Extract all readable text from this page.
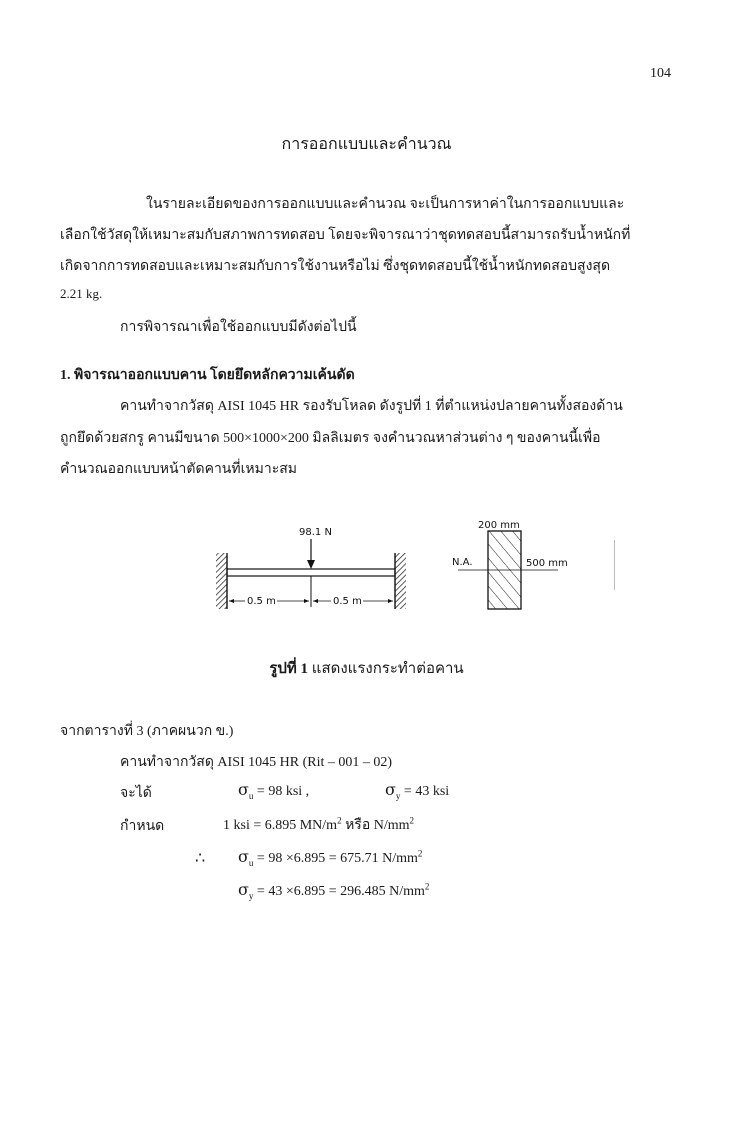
104
การออกแบบและคำนวณ
ในรายละเอียดของการออกแบบและคำนวณ จะเป็นการหาค่าในการออกแบบและ
เลือกใช้วัสดุให้เหมาะสมกับสภาพการทดสอบ โดยจะพิจารณาว่าชุดทดสอบนี้สามารถรับน้ำหนักที่
เกิดจากการทดสอบและเหมาะสมกับการใช้งานหรือไม่ ซึ่งชุดทดสอบนี้ใช้น้ำหนักทดสอบสูงสุด
2.21 kg.
การพิจารณาเพื่อใช้ออกแบบมีดังต่อไปนี้
1. พิจารณาออกแบบคาน โดยยึดหลักความเค้นดัด
คานทำจากวัสดุ AISI 1045 HR รองรับโหลด ดังรูปที่ 1 ที่ตำแหน่งปลายคานทั้งสองด้าน
ถูกยึดด้วยสกรู คานมีขนาด 500×1000×200 มิลลิเมตร จงคำนวณหาส่วนต่าง ๆ ของคานนี้เพื่อ
คำนวณออกแบบหน้าตัดคานที่เหมาะสม
98.1 N
0.5 m	0.5 m
200 mm
N.A.	500 mm
รูปที่ 1 แสดงแรงกระทำต่อคาน
จากตารางที่ 3 (ภาคผนวก ข.)
คานทำจากวัสดุ AISI 1045 HR (Rit – 001 – 02)
จะได้	$\sigma_u = 98$ ksi ,	$\sigma_y = 43$ ksi
กำหนด	1 ksi = 6.895 $MN/m^2$ หรือ $N/mm^2$
∴ $\sigma_u = 98 \times 6.895 = 675.71$ $N/mm^2$
$\sigma_y = 43 \times 6.895 = 296.485$ $N/mm^2$
